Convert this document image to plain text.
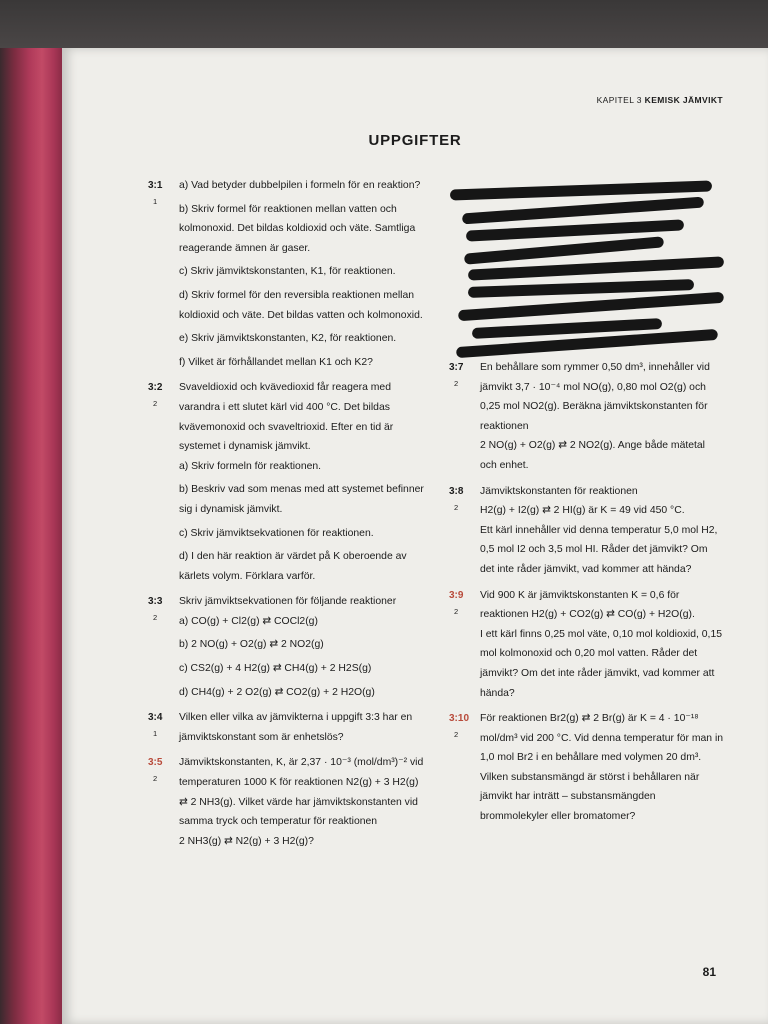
KAPITEL 3 KEMISK JÄMVIKT
UPPGIFTER
3:1
1

a) Vad betyder dubbelpilen i formeln för en reaktion?

b) Skriv formel för reaktionen mellan vatten och kolmonoxid. Det bildas koldioxid och väte. Samtliga reagerande ämnen är gaser.

c) Skriv jämviktskonstanten, K1, för reaktionen.

d) Skriv formel för den reversibla reaktionen mellan koldioxid och väte. Det bildas vatten och kolmonoxid.

e) Skriv jämviktskonstanten, K2, för reaktionen.

f) Vilket är förhållandet mellan K1 och K2?

3:2
2

Svaveldioxid och kvävedioxid får reagera med varandra i ett slutet kärl vid 400 °C. Det bildas kvävemonoxid och svaveltrioxid. Efter en tid är systemet i dynamisk jämvikt.

a) Skriv formeln för reaktionen.

b) Beskriv vad som menas med att systemet befinner sig i dynamisk jämvikt.

c) Skriv jämviktsekvationen för reaktionen.

d) I den här reaktion är värdet på K oberoende av kärlets volym. Förklara varför.

3:3
2

Skriv jämviktsekvationen för följande reaktioner

a) CO(g) + Cl2(g) ⇄ COCl2(g)

b) 2 NO(g) + O2(g) ⇄ 2 NO2(g)

c) CS2(g) + 4 H2(g) ⇄ CH4(g) + 2 H2S(g)

d) CH4(g) + 2 O2(g) ⇄ CO2(g) + 2 H2O(g)

3:4
1

Vilken eller vilka av jämvikterna i uppgift 3:3 har en jämviktskonstant som är enhetslös?

3:5
2

Jämviktskonstanten, K, är 2,37 · 10⁻³ (mol/dm³)⁻² vid temperaturen 1000 K för reaktionen N2(g) + 3 H2(g) ⇄ 2 NH3(g). Vilket värde har jämviktskonstanten vid samma tryck och temperatur för reaktionen

2 NH3(g) ⇄ N2(g) + 3 H2(g)?

3:7
2

En behållare som rymmer 0,50 dm³, innehåller vid jämvikt 3,7 · 10⁻⁴ mol NO(g), 0,80 mol O2(g) och 0,25 mol NO2(g). Beräkna jämviktskonstanten för reaktionen

2 NO(g) + O2(g) ⇄ 2 NO2(g). Ange både mätetal och enhet.

3:8
2

Jämviktskonstanten för reaktionen

H2(g) + I2(g) ⇄ 2 HI(g) är K = 49 vid 450 °C.

Ett kärl innehåller vid denna temperatur 5,0 mol H2, 0,5 mol I2 och 3,5 mol HI. Råder det jämvikt? Om det inte råder jämvikt, vad kommer att hända?

3:9
2

Vid 900 K är jämviktskonstanten K = 0,6 för reaktionen H2(g) + CO2(g) ⇄ CO(g) + H2O(g).

I ett kärl finns 0,25 mol väte, 0,10 mol koldioxid, 0,15 mol kolmonoxid och 0,20 mol vatten. Råder det jämvikt? Om det inte råder jämvikt, vad kommer att hända?

3:10
2

För reaktionen Br2(g) ⇄ 2 Br(g) är K = 4 · 10⁻¹⁸ mol/dm³ vid 200 °C. Vid denna temperatur för man in 1,0 mol Br2 i en behållare med volymen 20 dm³. Vilken substansmängd är störst i behållaren när jämvikt har inträtt – substansmängden brommolekyler eller bromatomer?

81
